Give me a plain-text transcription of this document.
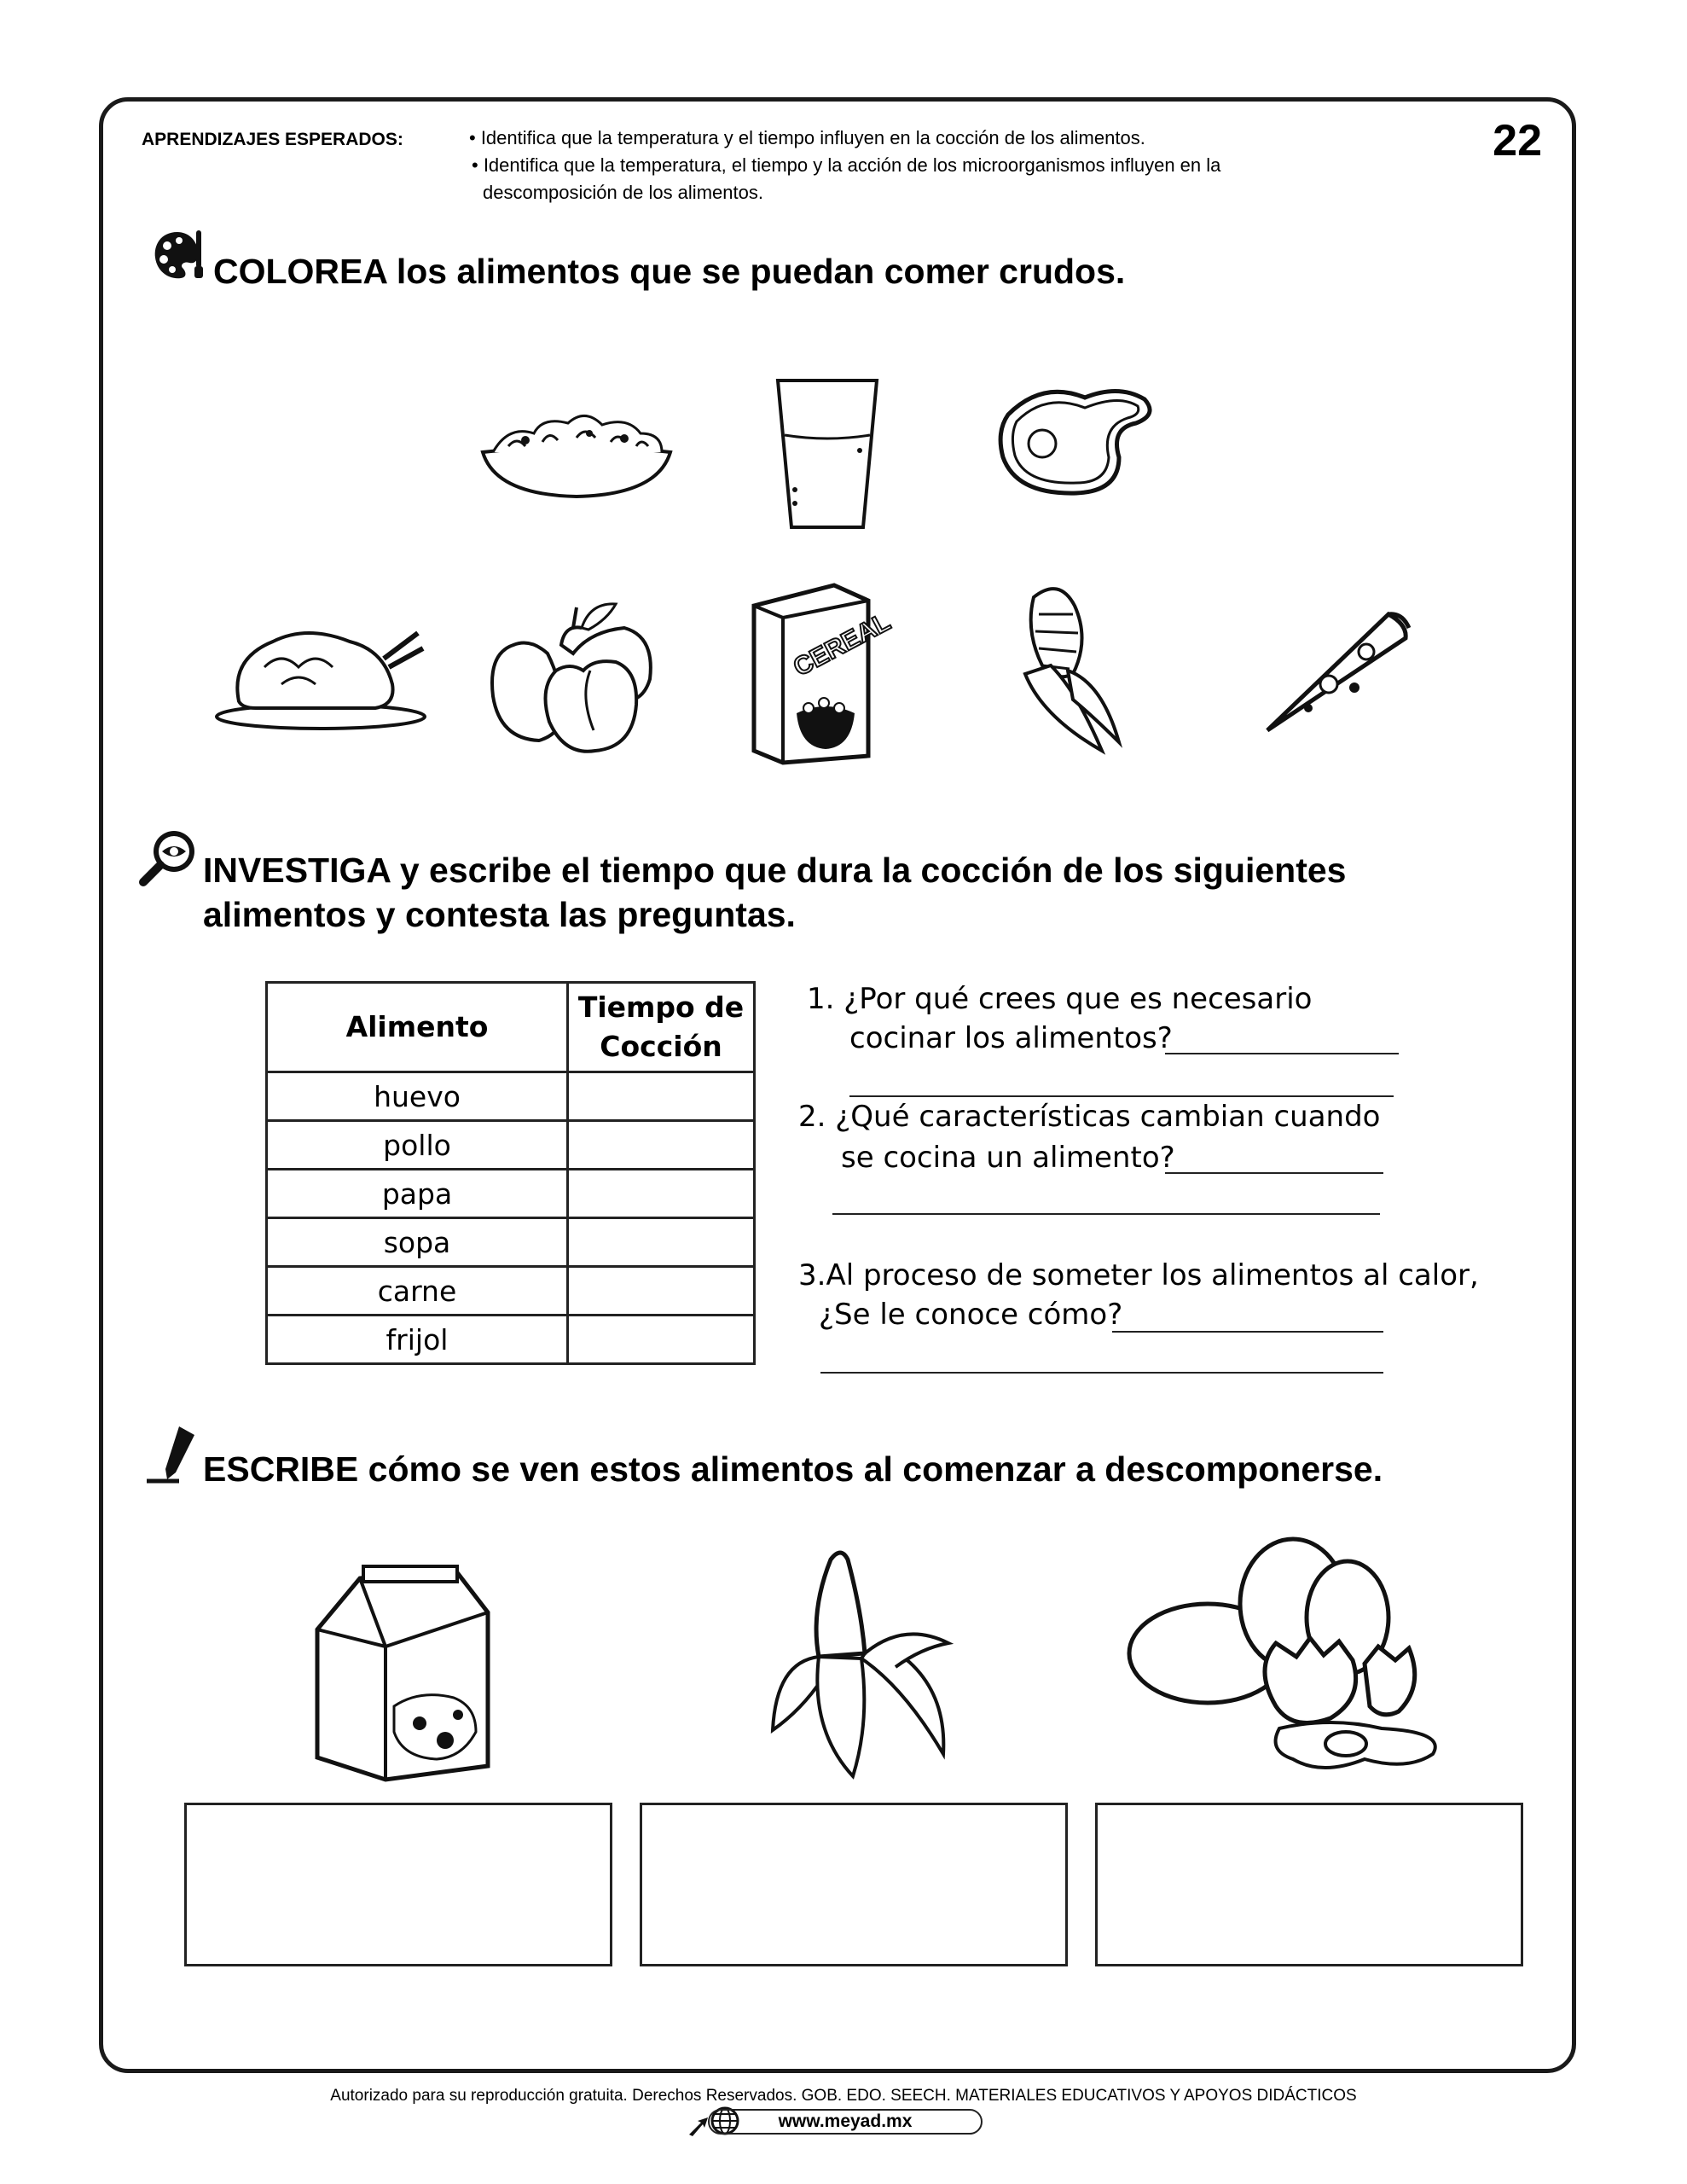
APRENDIZAJES ESPERADOS:	• Identifica que la temperatura y el tiempo influyen en la cocción de los alimentos.
• Identifica que la temperatura, el tiempo y la acción de los microorganismos influyen en la
descomposición de los alimentos.
22
COLOREA los alimentos que se puedan comer crudos.
CEREAL
INVESTIGA y escribe el tiempo que dura la cocción de los siguientes
alimentos y contesta las preguntas.
Alimento	Tiempo de
Cocción

huevo	
pollo	
papa	
sopa	
carne	
frijol	
1. ¿Por qué crees que es necesario
cocinar los alimentos?
2. ¿Qué características cambian cuando
se cocina un alimento?
3.Al proceso de someter los alimentos al calor,
¿Se le conoce cómo?
ESCRIBE cómo se ven estos alimentos al comenzar a descomponerse.
Autorizado para su reproducción gratuita. Derechos Reservados. GOB. EDO. SEECH. MATERIALES EDUCATIVOS Y APOYOS DIDÁCTICOS
www.meyad.mx
